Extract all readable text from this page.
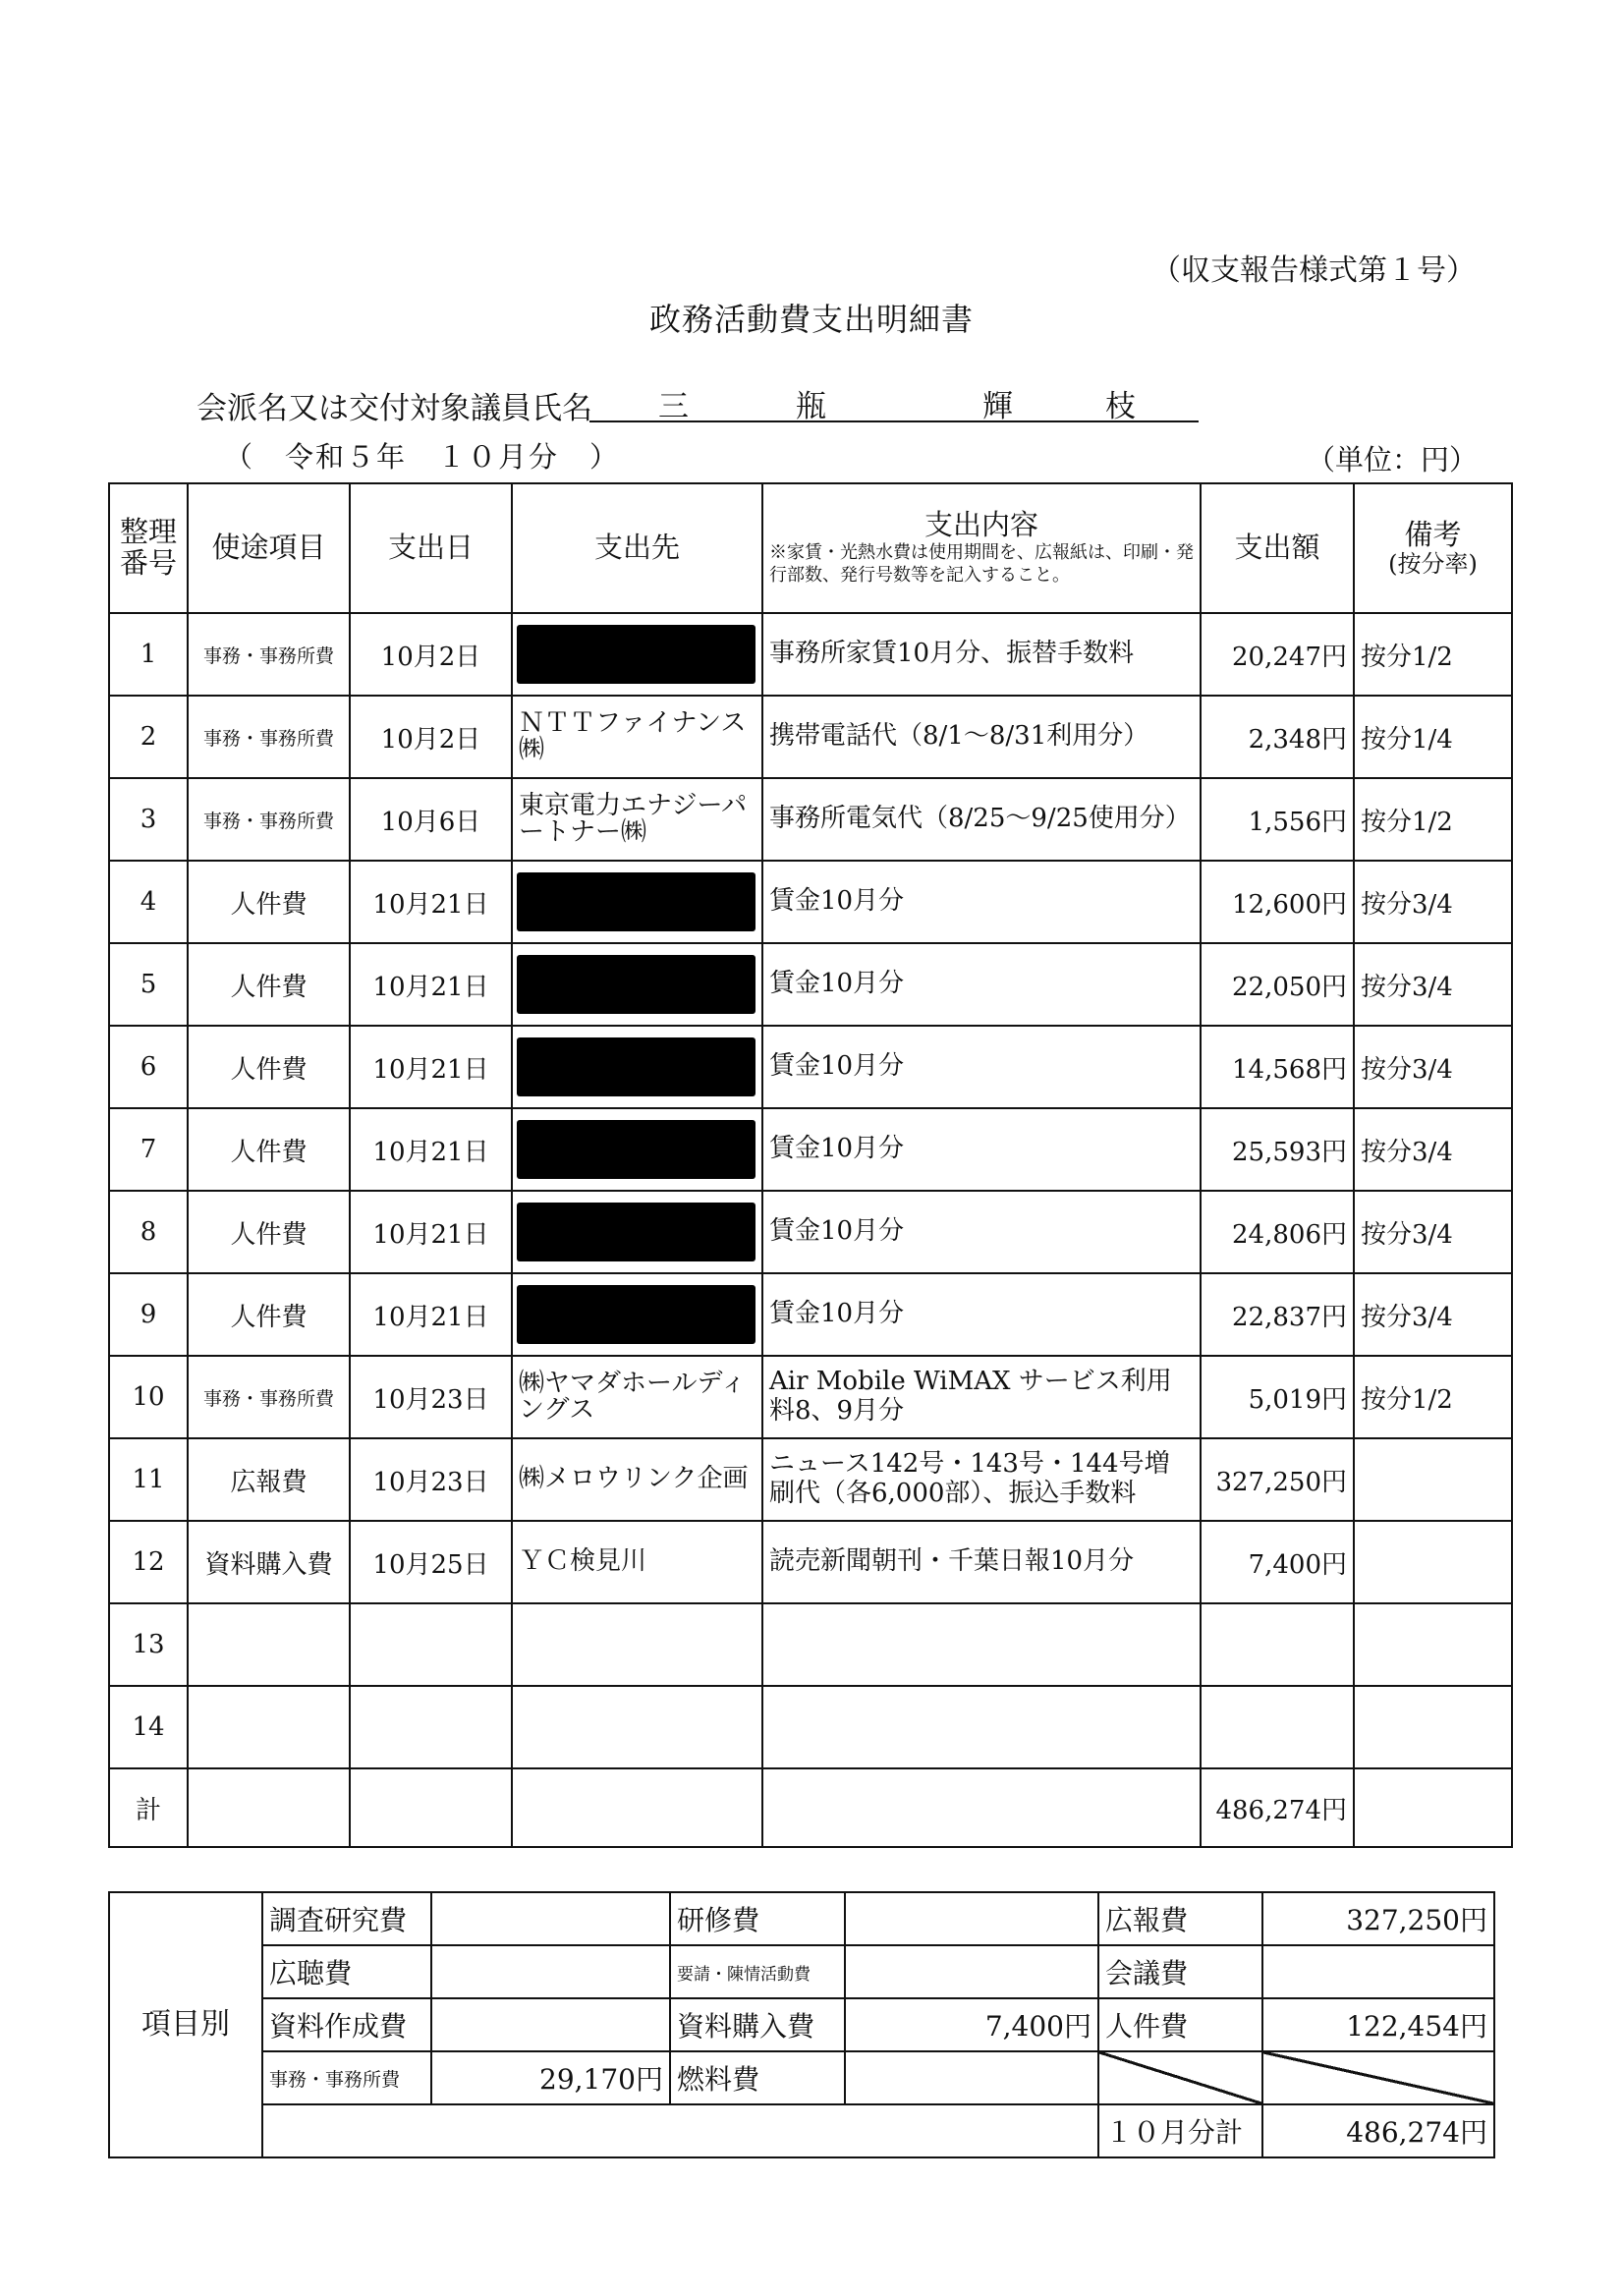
（収支報告様式第１号）
政務活動費支出明細書
会派名又は交付対象議員氏名 三	瓶	輝	枝
（　令和５年　１０月分　）	（単位：円）
整理番号	使途項目	支出日	支出先	支出内容
※家賃・光熱水費は使用期間を、広報紙は、印刷・発行部数、発行号数等を記入すること。	支出額	備考
(按分率)

1	事務・事務所費	10月2日		事務所家賃10月分、振替手数料	20,247円	按分1/2
2	事務・事務所費	10月2日	ＮＴＴファイナンス㈱	携帯電話代（8/1～8/31利用分）	2,348円	按分1/4
3	事務・事務所費	10月6日	東京電力エナジーパートナー㈱	事務所電気代（8/25～9/25使用分）	1,556円	按分1/2
4	人件費	10月21日		賃金10月分	12,600円	按分3/4
5	人件費	10月21日		賃金10月分	22,050円	按分3/4
6	人件費	10月21日		賃金10月分	14,568円	按分3/4
7	人件費	10月21日		賃金10月分	25,593円	按分3/4
8	人件費	10月21日		賃金10月分	24,806円	按分3/4
9	人件費	10月21日		賃金10月分	22,837円	按分3/4
10	事務・事務所費	10月23日	㈱ヤマダホールディングス	Air Mobile WiMAX サービス利用料8、9月分	5,019円	按分1/2
11	広報費	10月23日	㈱メロウリンク企画	ニュース142号・143号・144号増刷代（各6,000部）、振込手数料	327,250円	
12	資料購入費	10月25日	ＹＣ検見川	読売新聞朝刊・千葉日報10月分	7,400円	
13						
14						
計					486,274円	
項目別	調査研究費		研修費		広報費	327,250円
	広聴費		要請・陳情活動費		会議費	
	資料作成費		資料購入費	7,400円	人件費	122,454円
	事務・事務所費	29,170円	燃料費			
					１０月分計	486,274円
